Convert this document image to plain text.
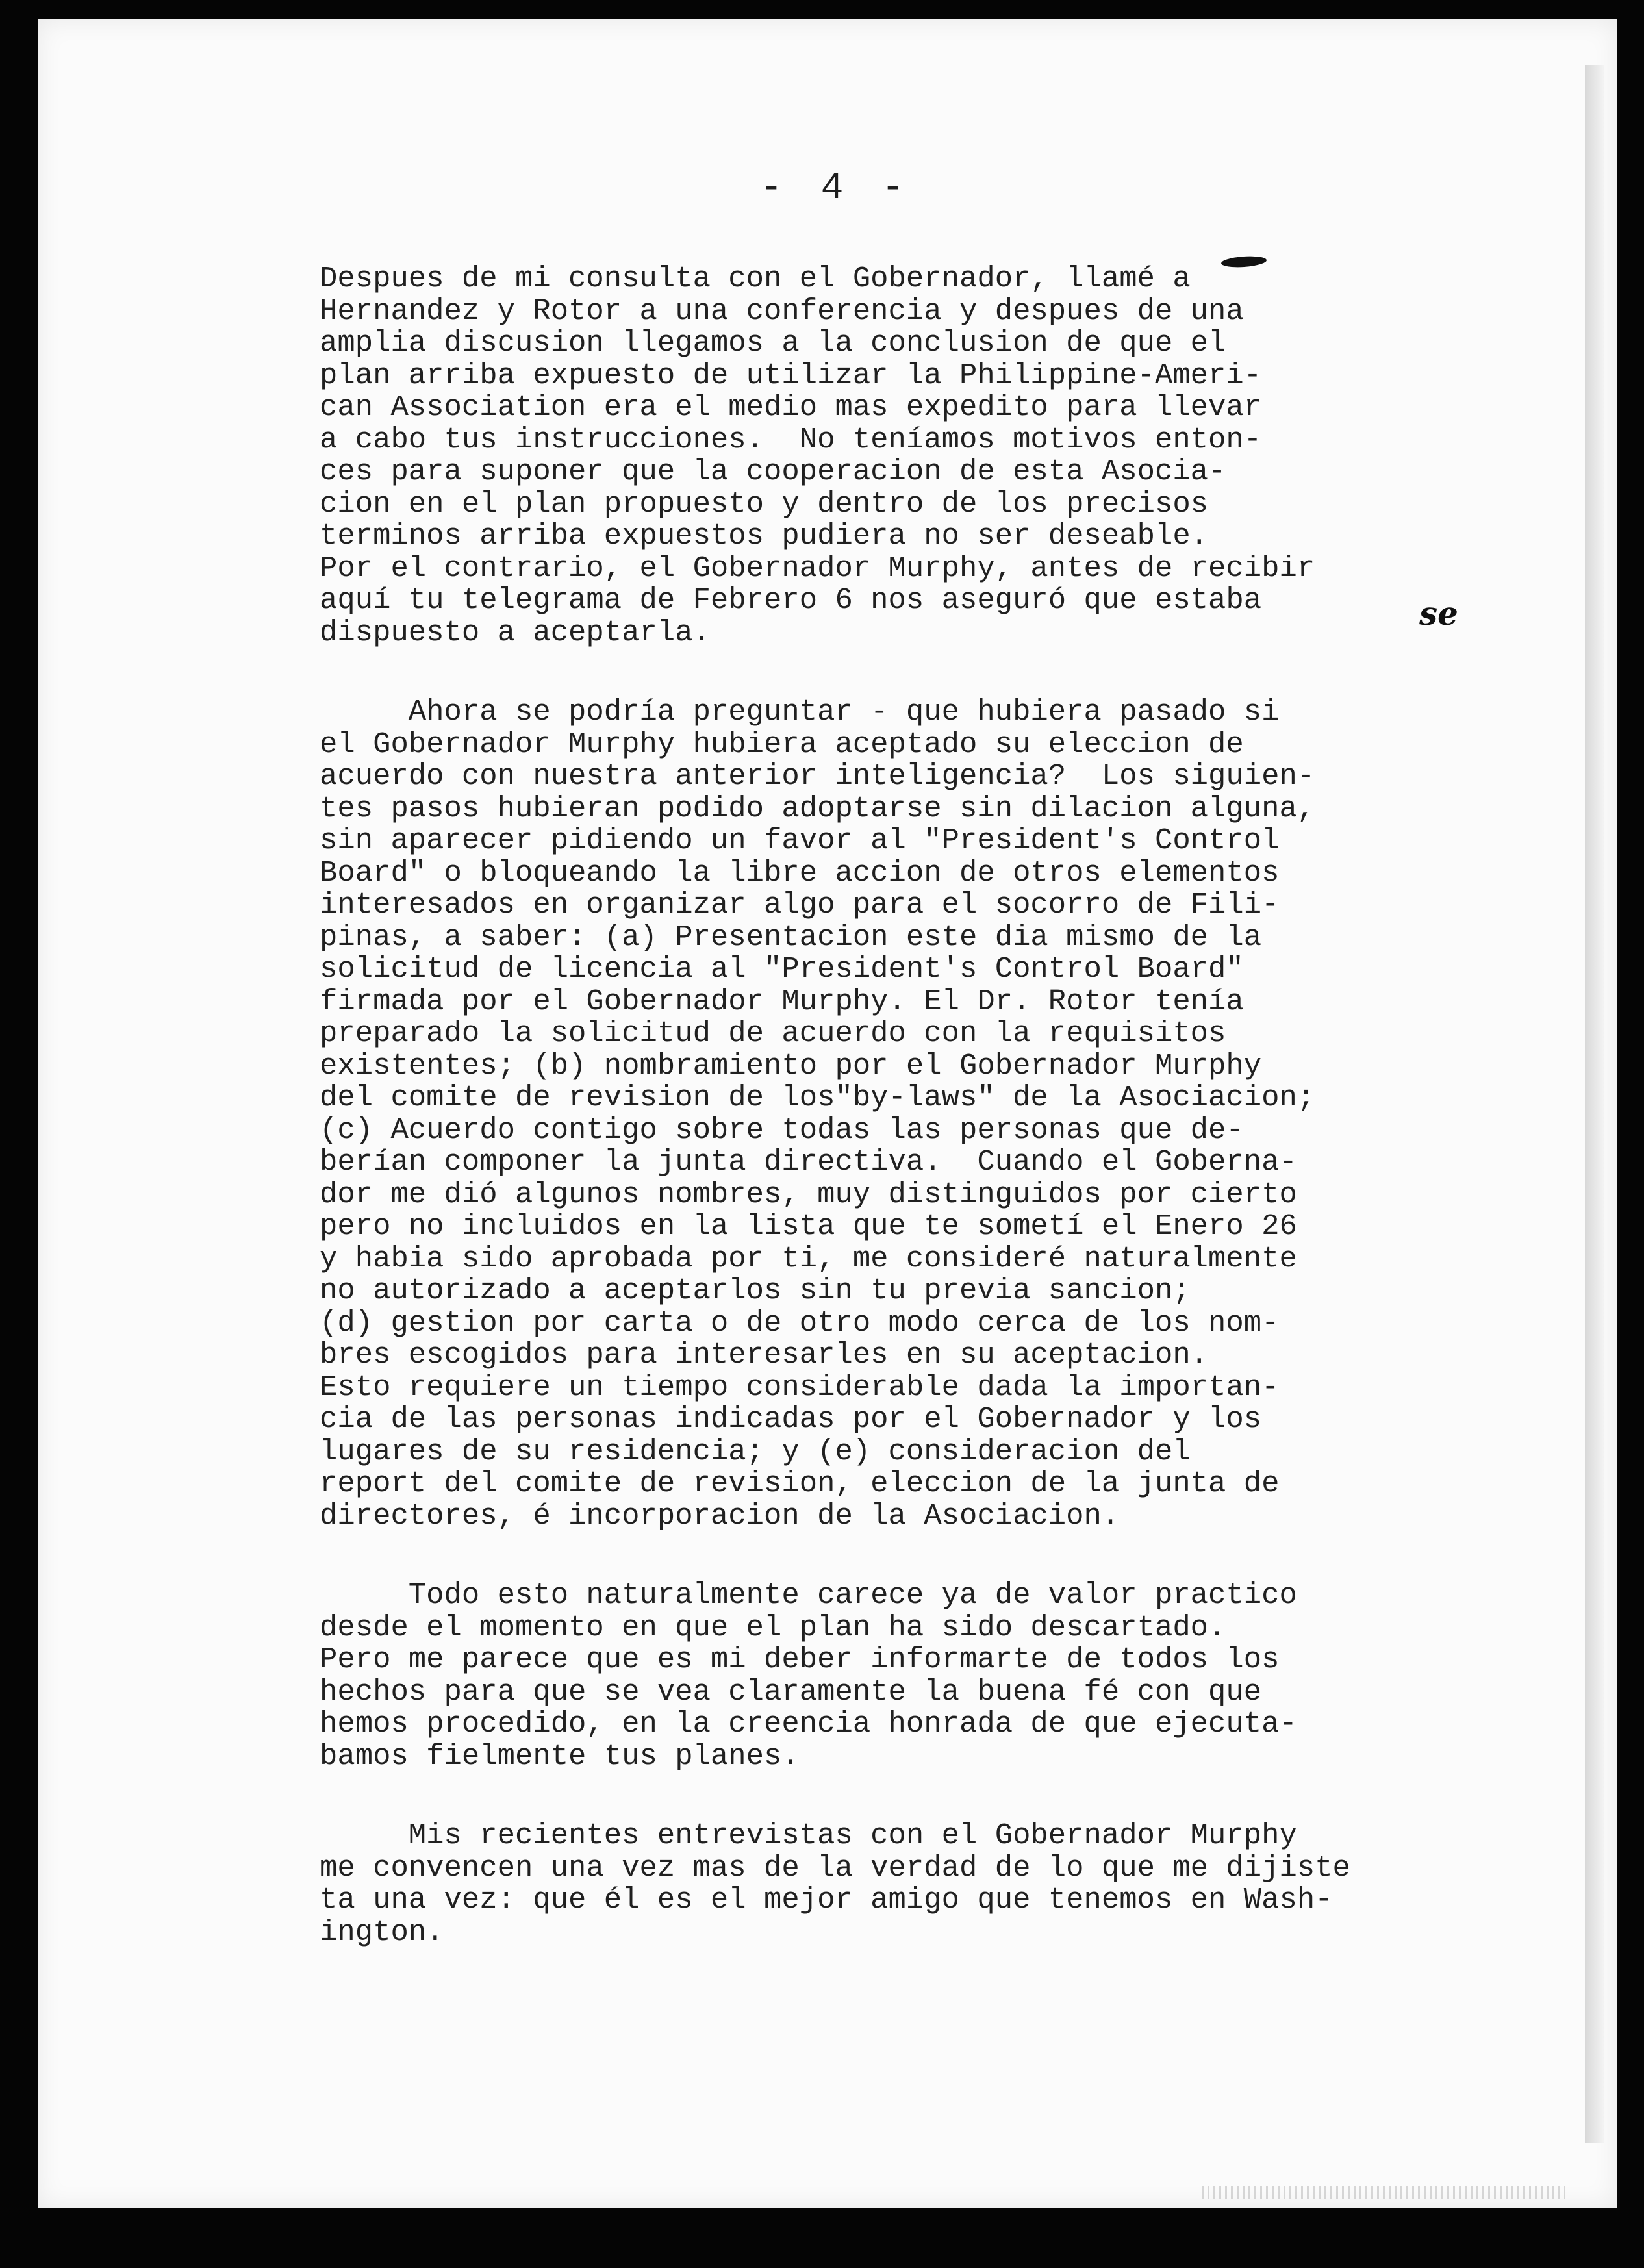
- 4 -
se
Despues de mi consulta con el Gobernador, llamé a
Hernandez y Rotor a una conferencia y despues de una
amplia discusion llegamos a la conclusion de que el
plan arriba expuesto de utilizar la Philippine-Ameri-
can Association era el medio mas expedito para llevar
a cabo tus instrucciones.  No teníamos motivos enton-
ces para suponer que la cooperacion de esta Asocia-
cion en el plan propuesto y dentro de los precisos
terminos arriba expuestos pudiera no ser deseable.
Por el contrario, el Gobernador Murphy, antes de recibir
aquí tu telegrama de Febrero 6 nos aseguró que estaba
dispuesto a aceptarla.
Ahora se podría preguntar - que hubiera pasado si
el Gobernador Murphy hubiera aceptado su eleccion de
acuerdo con nuestra anterior inteligencia?  Los siguien-
tes pasos hubieran podido adoptarse sin dilacion alguna,
sin aparecer pidiendo un favor al "President's Control
Board" o bloqueando la libre accion de otros elementos
interesados en organizar algo para el socorro de Fili-
pinas, a saber: (a) Presentacion este dia mismo de la
solicitud de licencia al "President's Control Board"
firmada por el Gobernador Murphy. El Dr. Rotor tenía
preparado la solicitud de acuerdo con la requisitos
existentes; (b) nombramiento por el Gobernador Murphy
del comite de revision de los"by-laws" de la Asociacion;
(c) Acuerdo contigo sobre todas las personas que de-
berían componer la junta directiva.  Cuando el Goberna-
dor me dió algunos nombres, muy distinguidos por cierto
pero no incluidos en la lista que te sometí el Enero 26
y habia sido aprobada por ti, me consideré naturalmente
no autorizado a aceptarlos sin tu previa sancion;
(d) gestion por carta o de otro modo cerca de los nom-
bres escogidos para interesarles en su aceptacion.
Esto requiere un tiempo considerable dada la importan-
cia de las personas indicadas por el Gobernador y los
lugares de su residencia; y (e) consideracion del
report del comite de revision, eleccion de la junta de
directores, é incorporacion de la Asociacion.
Todo esto naturalmente carece ya de valor practico
desde el momento en que el plan ha sido descartado.
Pero me parece que es mi deber informarte de todos los
hechos para que se vea claramente la buena fé con que
hemos procedido, en la creencia honrada de que ejecuta-
bamos fielmente tus planes.
Mis recientes entrevistas con el Gobernador Murphy
me convencen una vez mas de la verdad de lo que me dijiste
ta una vez: que él es el mejor amigo que tenemos en Wash-
ington.
